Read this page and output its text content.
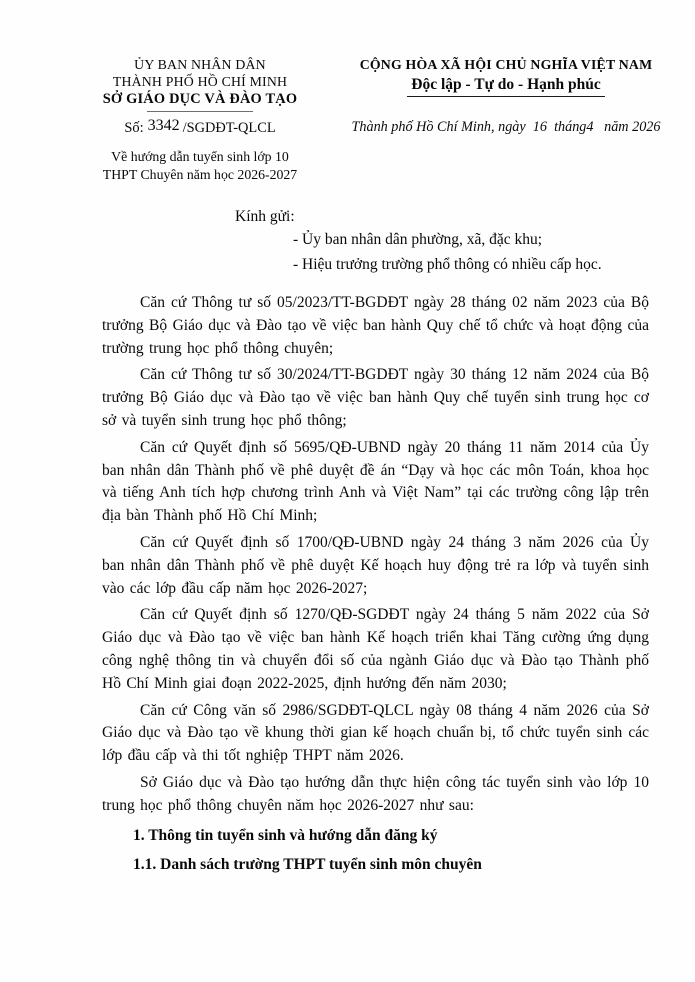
ỦY BAN NHÂN DÂN
THÀNH PHỐ HỒ CHÍ MINH
SỞ GIÁO DỤC VÀ ĐÀO TẠO
Số: 3342 /SGDĐT-QLCL
Về hướng dẫn tuyển sinh lớp 10
THPT Chuyên năm học 2026-2027
CỘNG HÒA XÃ HỘI CHỦ NGHĨA VIỆT NAM
Độc lập - Tự do - Hạnh phúc
Thành phố Hồ Chí Minh, ngày  16  tháng4   năm 2026
Kính gửi:
- Ủy ban nhân dân phường, xã, đặc khu;
- Hiệu trưởng trường phổ thông có nhiều cấp học.

Căn cứ Thông tư số 05/2023/TT-BGDĐT ngày 28 tháng 02 năm 2023 của Bộ trưởng Bộ Giáo dục và Đào tạo về việc ban hành Quy chế tổ chức và hoạt động của trường trung học phổ thông chuyên;

Căn cứ Thông tư số 30/2024/TT-BGDĐT ngày 30 tháng 12 năm 2024 của Bộ trưởng Bộ Giáo dục và Đào tạo về việc ban hành Quy chế tuyển sinh trung học cơ sở và tuyển sinh trung học phổ thông;

Căn cứ Quyết định số 5695/QĐ-UBND ngày 20 tháng 11 năm 2014 của Ủy ban nhân dân Thành phố về phê duyệt đề án “Dạy và học các môn Toán, khoa học và tiếng Anh tích hợp chương trình Anh và Việt Nam” tại các trường công lập trên địa bàn Thành phố Hồ Chí Minh;

Căn cứ Quyết định số 1700/QĐ-UBND ngày 24 tháng 3 năm 2026 của Ủy ban nhân dân Thành phố về phê duyệt Kế hoạch huy động trẻ ra lớp và tuyển sinh vào các lớp đầu cấp năm học 2026-2027;

Căn cứ Quyết định số 1270/QĐ-SGDĐT ngày 24 tháng 5 năm 2022 của Sở Giáo dục và Đào tạo về việc ban hành Kế hoạch triển khai Tăng cường ứng dụng công nghệ thông tin và chuyển đổi số của ngành Giáo dục và Đào tạo Thành phố Hồ Chí Minh giai đoạn 2022-2025, định hướng đến năm 2030;

Căn cứ Công văn số 2986/SGDĐT-QLCL ngày 08 tháng 4 năm 2026 của Sở Giáo dục và Đào tạo về khung thời gian kế hoạch chuẩn bị, tổ chức tuyển sinh các lớp đầu cấp và thi tốt nghiệp THPT năm 2026.

Sở Giáo dục và Đào tạo hướng dẫn thực hiện công tác tuyển sinh vào lớp 10 trung học phổ thông chuyên năm học 2026-2027 như sau:

1. Thông tin tuyển sinh và hướng dẫn đăng ký

1.1. Danh sách trường THPT tuyển sinh môn chuyên
